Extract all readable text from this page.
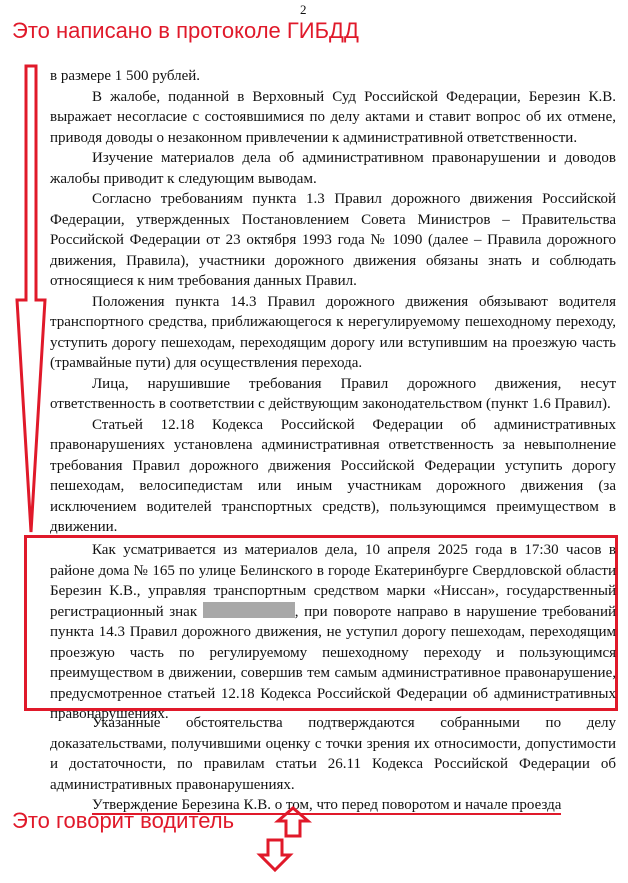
2
Это написано в протоколе ГИБДД

в размере 1 500 рублей.

В жалобе, поданной в Верховный Суд Российской Федерации, Березин К.В. выражает несогласие с состоявшимися по делу актами и ставит вопрос об их отмене, приводя доводы о незаконном привлечении к административной ответственности.

Изучение материалов дела об административном правонарушении и доводов жалобы приводит к следующим выводам.

Согласно требованиям пункта 1.3 Правил дорожного движения Российской Федерации, утвержденных Постановлением Совета Министров – Правительства Российской Федерации от 23 октября 1993 года № 1090 (далее – Правила дорожного движения, Правила), участники дорожного движения обязаны знать и соблюдать относящиеся к ним требования данных Правил.

Положения пункта 14.3 Правил дорожного движения обязывают водителя транспортного средства, приближающегося к нерегулируемому пешеходному переходу, уступить дорогу пешеходам, переходящим дорогу или вступившим на проезжую часть (трамвайные пути) для осуществления перехода.

Лица, нарушившие требования Правил дорожного движения, несут ответственность в соответствии с действующим законодательством (пункт 1.6 Правил).

Статьей 12.18 Кодекса Российской Федерации об административных правонарушениях установлена административная ответственность за невыполнение требования Правил дорожного движения Российской Федерации уступить дорогу пешеходам, велосипедистам или иным участникам дорожного движения (за исключением водителей транспортных средств), пользующимся преимуществом в движении.

Как усматривается из материалов дела, 10 апреля 2025 года в 17:30 часов в районе дома № 165 по улице Белинского в городе Екатеринбурге Свердловской области Березин К.В., управляя транспортным средством марки «Ниссан», государственный регистрационный знак	, при повороте направо в нарушение требований пункта 14.3 Правил дорожного движения, не уступил дорогу пешеходам, переходящим проезжую часть по регулируемому пешеходному переходу и пользующимся преимуществом в движении, совершив тем самым административное правонарушение, предусмотренное статьей 12.18 Кодекса Российской Федерации об административных правонарушениях.

Указанные обстоятельства подтверждаются собранными по делу доказательствами, получившими оценку с точки зрения их относимости, допустимости и достаточности, по правилам статьи 26.11 Кодекса Российской Федерации об административных правонарушениях.

Утверждение Березина К.В. о том, что перед поворотом и начале проезда

Это говорит водитель
